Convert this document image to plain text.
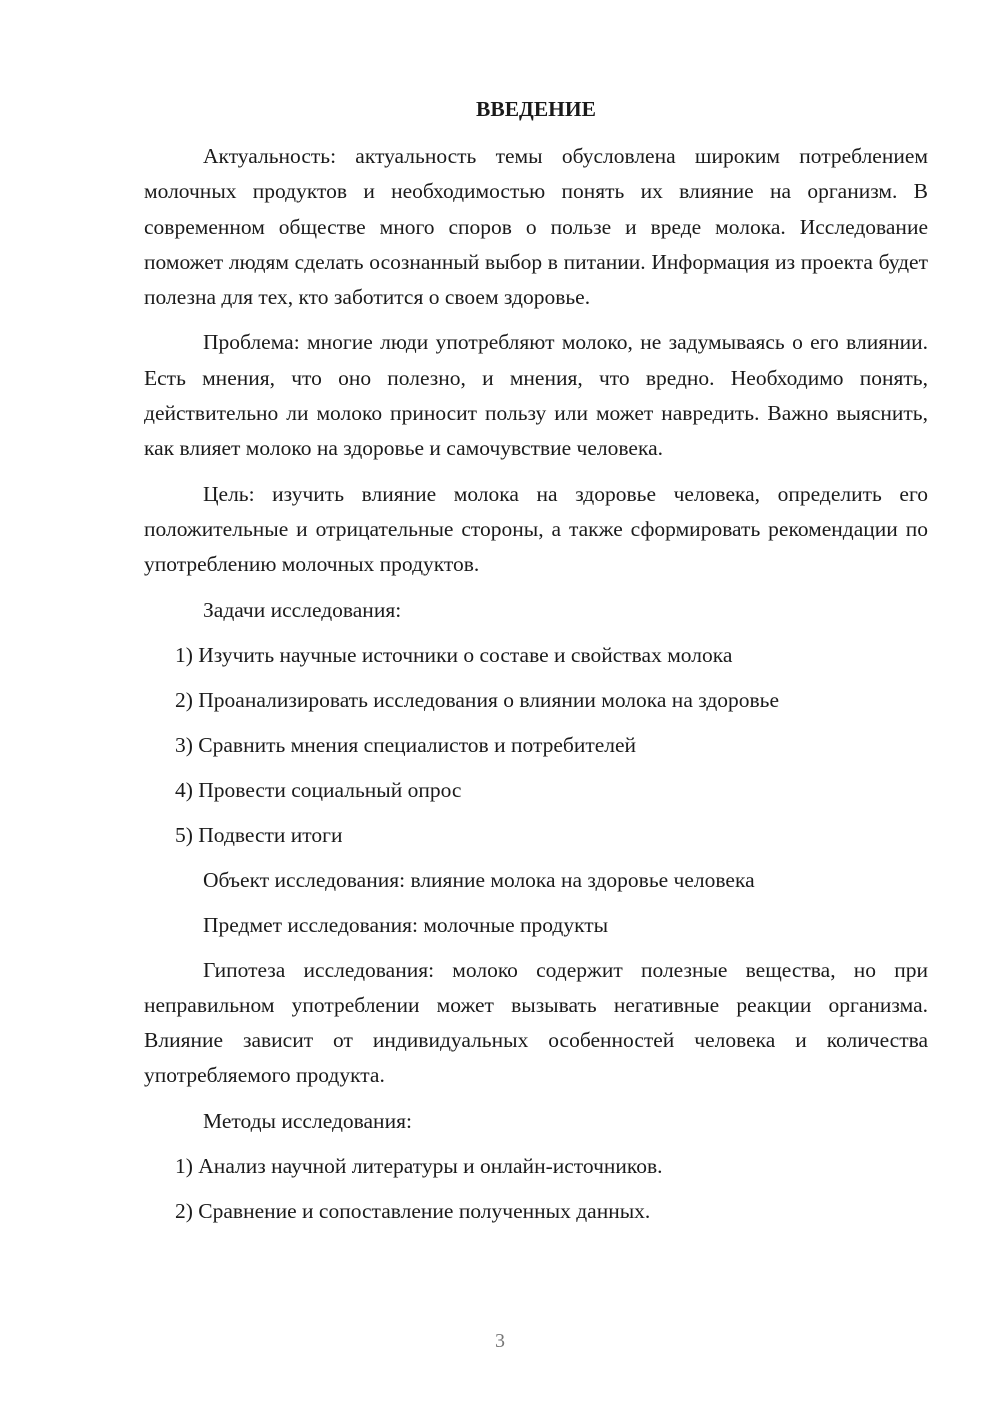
ВВЕДЕНИЕ

Актуальность: актуальность темы обусловлена широким потреблением молочных продуктов и необходимостью понять их влияние на организм. В современном обществе много споров о пользе и вреде молока. Исследование поможет людям сделать осознанный выбор в питании. Информация из проекта будет полезна для тех, кто заботится о своем здоровье.

Проблема: многие люди употребляют молоко, не задумываясь о его влиянии. Есть мнения, что оно полезно, и мнения, что вредно. Необходимо понять, действительно ли молоко приносит пользу или может навредить. Важно выяснить, как влияет молоко на здоровье и самочувствие человека.

Цель: изучить влияние молока на здоровье человека, определить его положительные и отрицательные стороны, а также сформировать рекомендации по употреблению молочных продуктов.

Задачи исследования:

1) Изучить научные источники о составе и свойствах молока

2) Проанализировать исследования о влиянии молока на здоровье

3) Сравнить мнения специалистов и потребителей

4) Провести социальный опрос

5) Подвести итоги

Объект исследования: влияние молока на здоровье человека

Предмет исследования: молочные продукты

Гипотеза исследования: молоко содержит полезные вещества, но при неправильном употреблении может вызывать негативные реакции организма. Влияние зависит от индивидуальных особенностей человека и количества употребляемого продукта.

Методы исследования:

1) Анализ научной литературы и онлайн-источников.

2) Сравнение и сопоставление полученных данных.

3
